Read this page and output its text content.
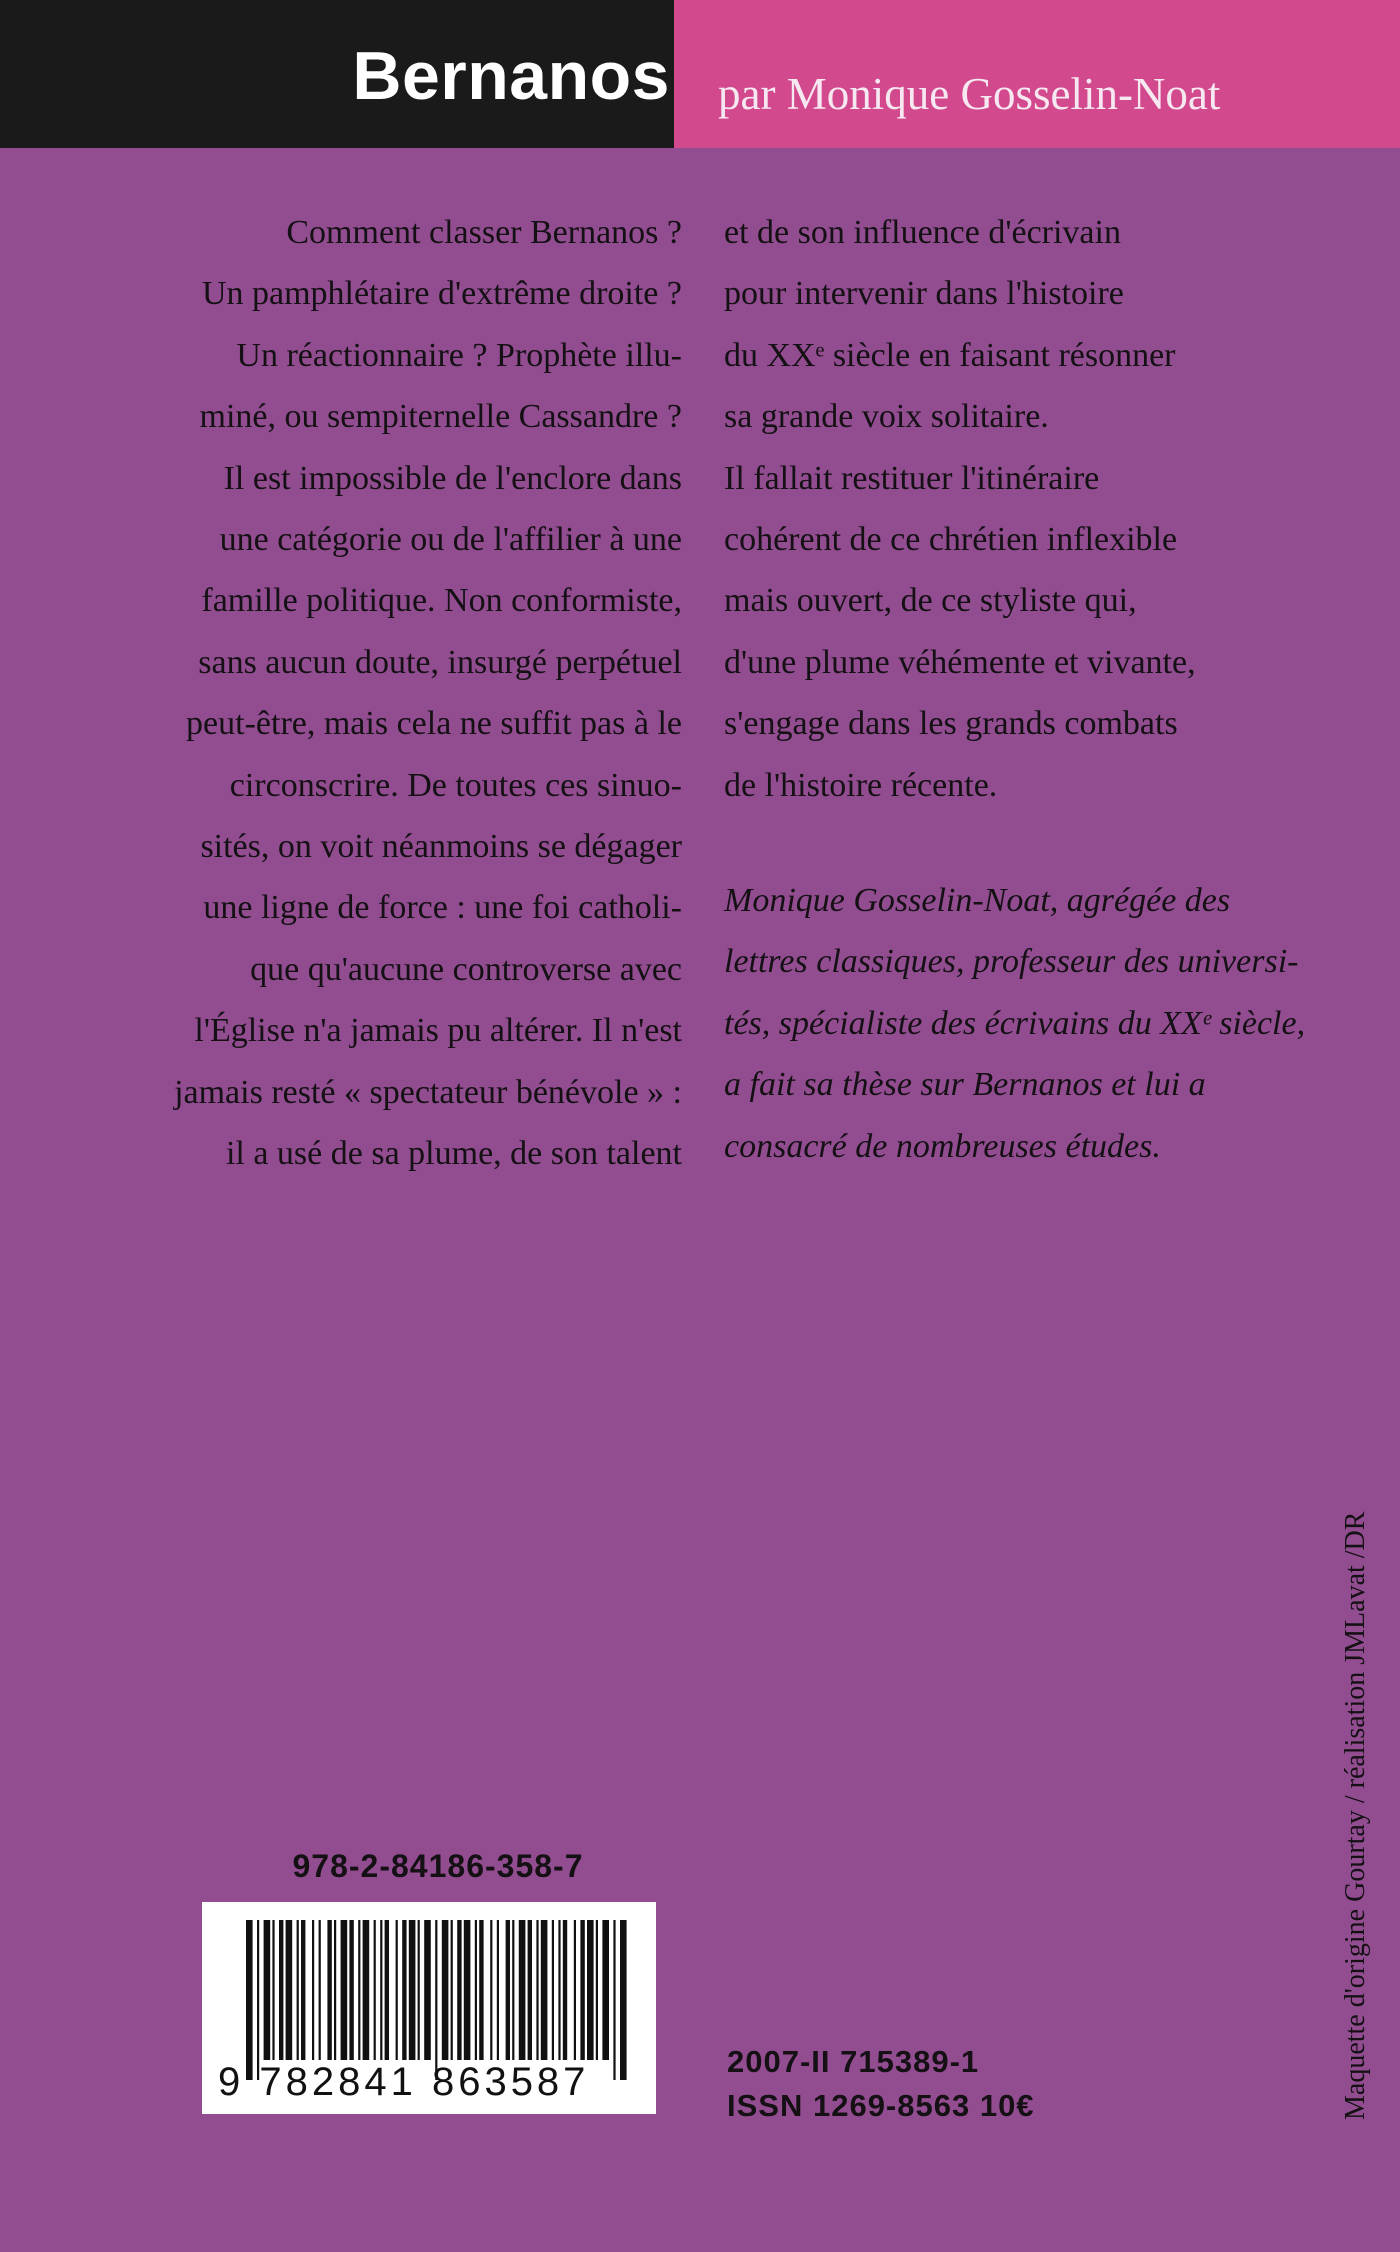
Bernanos par Monique Gosselin-Noat
Comment classer Bernanos ?
Un pamphlétaire d'extrême droite ?
Un réactionnaire ? Prophète illu-
miné, ou sempiternelle Cassandre ?
Il est impossible de l'enclore dans
une catégorie ou de l'affilier à une
famille politique. Non conformiste,
sans aucun doute, insurgé perpétuel
peut-être, mais cela ne suffit pas à le
circonscrire. De toutes ces sinuo-
sités, on voit néanmoins se dégager
une ligne de force : une foi catholi-
que qu'aucune controverse avec
l'Église n'a jamais pu altérer. Il n'est
jamais resté « spectateur bénévole » :
il a usé de sa plume, de son talent
et de son influence d'écrivain
pour intervenir dans l'histoire
du XXᵉ siècle en faisant résonner
sa grande voix solitaire.
Il fallait restituer l'itinéraire
cohérent de ce chrétien inflexible
mais ouvert, de ce styliste qui,
d'une plume véhémente et vivante,
s'engage dans les grands combats
de l'histoire récente.
Monique Gosselin-Noat, agrégée des
lettres classiques, professeur des universi-
tés, spécialiste des écrivains du XXᵉ siècle,
a fait sa thèse sur Bernanos et lui a
consacré de nombreuses études.
978-2-84186-358-7
9 782841 863587	2007-II 715389-1
ISSN 1269-8563 10€	Maquette d'origine Gourtay / réalisation JMLavat /DR
